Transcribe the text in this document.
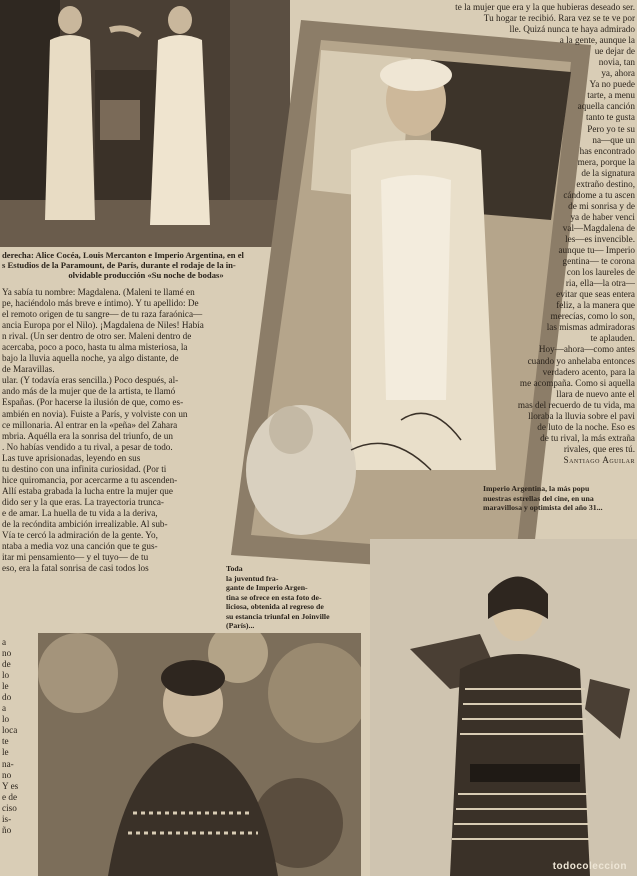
derecha: Alice Cocéa, Louis Mercanton e Imperio Argentina, en el

s Estudios de la Paramount, de París, durante el rodaje de la in-

olvidable producción «Su noche de bodas»

Ya sabía tu nombre: Magdalena. (Maleni te llamé en

pe, haciéndolo más breve e íntimo). Y tu apellido: De

el remoto origen de tu sangre— de tu raza faraónica—

ancia Europa por el Nilo). ¡Magdalena de Niles! Había

n rival. (Un ser dentro de otro ser. Maleni dentro de

acercaba, poco a poco, hasta tu alma misteriosa, la

bajo la lluvia aquella noche, ya algo distante, de

de Maravillas.

ular. (Y todavía eras sencilla.) Poco después, al-

ando más de la mujer que de la artista, te llamó

Españas. (Por hacerse la ilusión de que, como es-

ambién en novia). Fuiste a París, y volviste con un

ce millonaria. Al entrar en la «peña» del Zahara

mbria. Aquélla era la sonrisa del triunfo, de un

. No habías vendido a tu rival, a pesar de todo.

Las tuve aprisionadas, leyendo en sus

tu destino con una infinita curiosidad. (Por ti

hice quiromancia, por acercarme a tu ascenden-

Allí estaba grabada la lucha entre la mujer que

dido ser y la que eras. La trayectoria trunca-

e de amar. La huella de tu vida a la deriva,

de la recóndita ambición irrealizable. Al sub-

Vía te cercó la admiración de la gente. Yo,

ntaba a media voz una canción que te gus-

itar mi pensamiento— y el tuyo— de tu

eso, era la fatal sonrisa de casi todos los

a

no

de

lo

le

do

a

lo

loca

te

le

na-

no

Y es

e de

ciso

is-

ño

te la mujer que era y la que hubieras deseado ser.

Tu hogar te recibió. Rara vez se te ve por

lle. Quizá nunca te haya admirado

a la gente, aunque la

ue dejar de

novia, tan

ya, ahora

Ya no puede

tarte, a menu

aquella canción

tanto te gusta

Pero yo te su

na—que un

has encontrado

mera, porque la

de la signatura

extraño destino,

cándome a tu ascen

de mi sonrisa y de

ya de haber venci

val—Magdalena de

les—es invencible.

aunque tu— Imperio

gentina— te corona

con los laureles de

ria, ella—la otra—

evitar que seas entera

feliz, a la manera que

merecías, como lo son,

las mismas admiradoras

te aplauden.

Hoy—ahora—como antes

cuando yo anhelaba entonces

verdadero acento, para la

me acompaña. Como si aquella

llara de nuevo ante el

mas del recuerdo de tu vida, ma

lloraba la lluvia sobre el pavi

de luto de la noche. Eso es

de tu rival, la más extraña

rivales, que eres tú.

Santiago Aguilar

Imperio Argentina, la más popu

nuestras estrellas del cine, en una

maravillosa y optimista del año 31...

Toda

la juventud fra-

gante de Imperio Argen-

tina se ofrece en esta foto de-

liciosa, obtenida al regreso de

su estancia triunfal en Joinville

(París)...

todocoleccion
